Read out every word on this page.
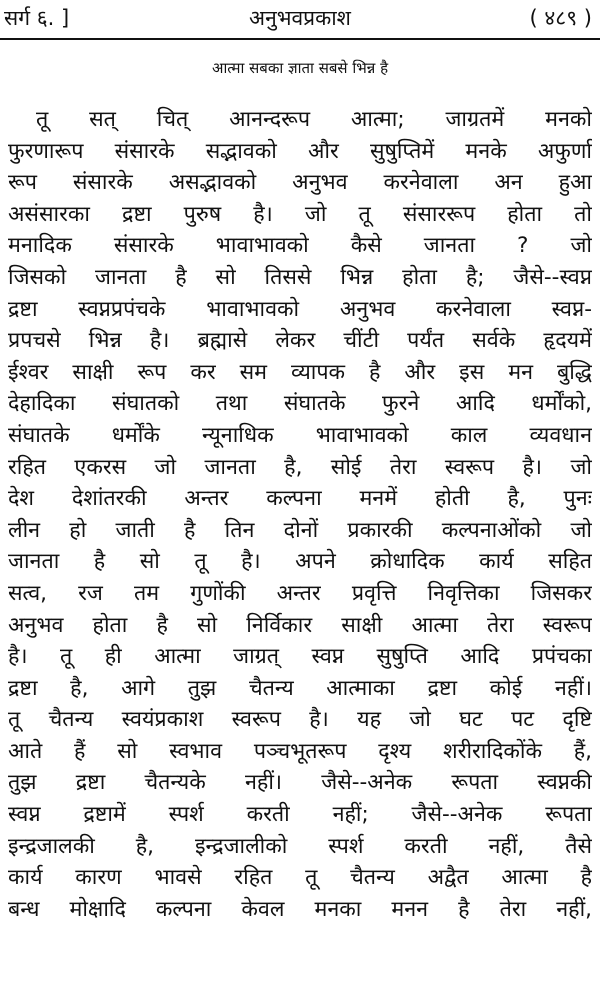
सर्ग ६. ]	अनुभवप्रकाश	( ४८९ )
आत्मा सबका ज्ञाता सबसे भिन्न है
तू सत् चित् आनन्दरूप आत्मा; जाग्रतमें मनको
फुरणारूप संसारके सद्भावको और सुषुप्तिमें मनके अफुर्णा
रूप संसारके असद्भावको अनुभव करनेवाला अन हुआ
असंसारका द्रष्टा पुरुष है। जो तू संसाररूप होता तो
मनादिक संसारके भावाभावको कैसे जानता ? जो
जिसको जानता है सो तिससे भिन्न होता है; जैसे--स्वप्न
द्रष्टा स्वप्नप्रपंचके भावाभावको अनुभव करनेवाला स्वप्न-
प्रपचसे भिन्न है। ब्रह्मासे लेकर चींटी पर्यंत सर्वके हृदयमें
ईश्वर साक्षी रूप कर सम व्यापक है और इस मन बुद्धि
देहादिका संघातको तथा संघातके फुरने आदि धर्मोंको,
संघातके धर्मोंके न्यूनाधिक भावाभावको काल व्यवधान
रहित एकरस जो जानता है, सोई तेरा स्वरूप है। जो
देश देशांतरकी अन्तर कल्पना मनमें होती है, पुनः
लीन हो जाती है तिन दोनों प्रकारकी कल्पनाओंको जो
जानता है सो तू है। अपने क्रोधादिक कार्य सहित
सत्व, रज तम गुणोंकी अन्तर प्रवृत्ति निवृत्तिका जिसकर
अनुभव होता है सो निर्विकार साक्षी आत्मा तेरा स्वरूप
है। तू ही आत्मा जाग्रत् स्वप्न सुषुप्ति आदि प्रपंचका
द्रष्टा है, आगे तुझ चैतन्य आत्माका द्रष्टा कोई नहीं।
तू चैतन्य स्वयंप्रकाश स्वरूप है। यह जो घट पट दृष्टि
आते हैं सो स्वभाव पञ्चभूतरूप दृश्य शरीरादिकोंके हैं,
तुझ द्रष्टा चैतन्यके नहीं। जैसे--अनेक रूपता स्वप्नकी
स्वप्न द्रष्टामें स्पर्श करती नहीं; जैसे--अनेक रूपता
इन्द्रजालकी है, इन्द्रजालीको स्पर्श करती नहीं, तैसे
कार्य कारण भावसे रहित तू चैतन्य अद्वैत आत्मा है
बन्ध मोक्षादि कल्पना केवल मनका मनन है तेरा नहीं,
